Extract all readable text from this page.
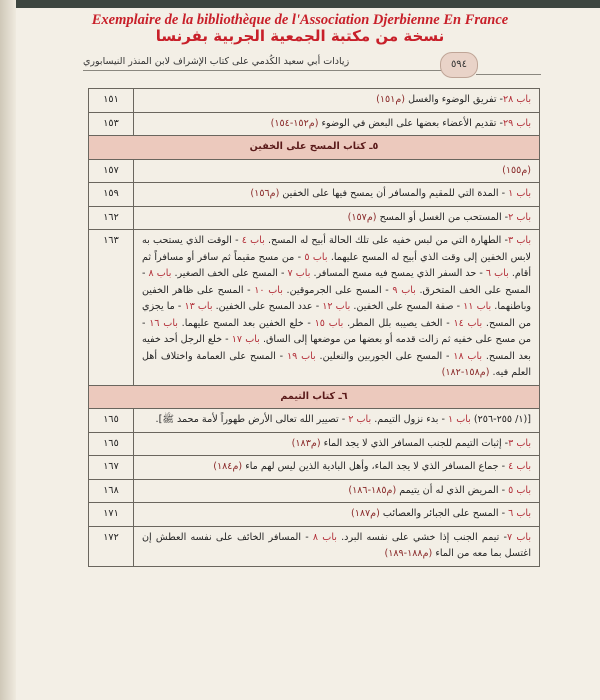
Exemplaire de la bibliothèque de l'Association Djerbienne En France
نسخة من مكتبة الجمعية الجربية بفرنسا
زيادات أبي سعيد الكُدمي على كتاب الإشراف لابن المنذر النيسابوري	٥٩٤
باب ٢٨- تفريق الوضوء والغسل (م١٥١)	١٥١
باب ٢٩- تقديم الأعضاء بعضها على البعض في الوضوء (م١٥٢-١٥٤)	١٥٣
٥ـ كتاب المسح على الخفين	
(م١٥٥)	١٥٧
باب ١ - المدة التي للمقيم والمسافر أن يمسح فيها على الخفين (م١٥٦)	١٥٩
باب ٢- المستحب من الغسل أو المسح (م١٥٧)	١٦٢
باب ٣- الطهارة التي من لبس خفيه على تلك الحالة أبيح له المسح. باب ٤ - الوقت الذي يستحب به لابس الخفين إلى وقت الذي أبيح له المسح عليهما. باب ٥ - من مسح مقيماً ثم سافر أو مسافراً ثم أقام. باب ٦ - حد السفر الذي يمسح فيه مسح المسافر. باب ٧ - المسح على الخف الصغير. باب ٨ - المسح على الخف المتخرق. باب ٩ - المسح على الجرموقين. باب ١٠ - المسح على ظاهر الخفين وباطنهما. باب ١١ - صفة المسح على الخفين. باب ١٢ - عدد المسح على الخفين. باب ١٣ - ما يجزي من المسح. باب ١٤ - الخف يصيبه بلل المطر. باب ١٥ - خلع الخفين بعد المسح عليهما. باب ١٦ - من مسح على خفيه ثم زالت قدمه أو بعضها من موضعها إلى الساق. باب ١٧ - خلع الرجل أحد خفيه بعد المسح. باب ١٨ - المسح على الجوربين والنعلين. باب ١٩ - المسح على العمامة واختلاف أهل العلم فيه. (م١٥٨-١٨٢)	١٦٣
٦ـ كتاب التيمم	
[(١/ ٢٥٥-٢٥٦) باب ١ - بدء نزول التيمم. باب ٢ - تصيير الله تعالى الأرض طهوراً لأمة محمد ﷺ].	١٦٥
باب ٣- إثبات التيمم للجنب المسافر الذي لا يجد الماء (م١٨٣)	١٦٥
باب ٤ - جماع المسافر الذي لا يجد الماء، وأهل البادية الذين ليس لهم ماء (م١٨٤)	١٦٧
باب ٥ - المريض الذي له أن يتيمم (م١٨٥-١٨٦)	١٦٨
باب ٦ - المسح على الجبائر والعصائب (م١٨٧)	١٧١
باب ٧- تيمم الجنب إذا خشي على نفسه البرد. باب ٨ - المسافر الخائف على نفسه العطش إن اغتسل بما معه من الماء (م١٨٨-١٨٩)	١٧٢
